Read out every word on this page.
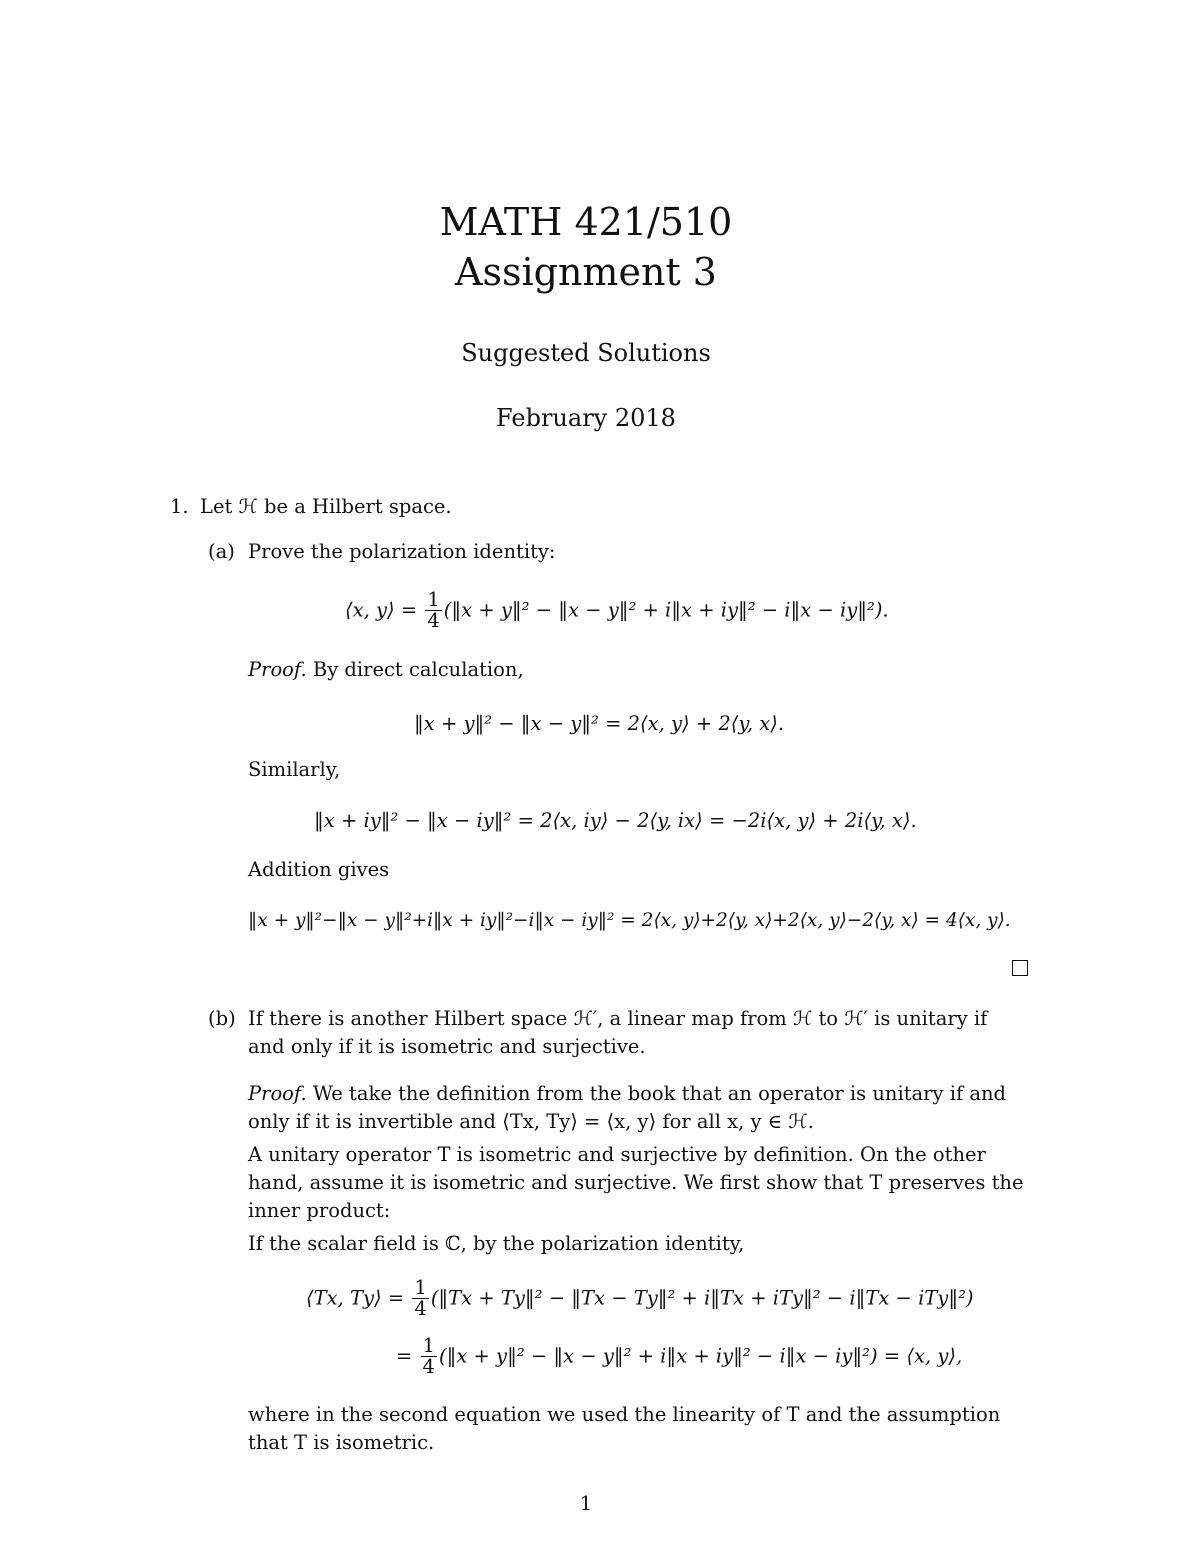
MATH 421/510
Assignment 3
Suggested Solutions
February 2018
1. Let ℋ be a Hilbert space.
(a) Prove the polarization identity:
⟨x, y⟩ = $\frac{1}{4}$ (‖x + y‖² − ‖x − y‖² + i‖x + iy‖² − i‖x − iy‖²).
Proof. By direct calculation,
‖x + y‖² − ‖x − y‖² = 2⟨x, y⟩ + 2⟨y, x⟩.
Similarly,
‖x + iy‖² − ‖x − iy‖² = 2⟨x, iy⟩ − 2⟨y, ix⟩ = −2i⟨x, y⟩ + 2i⟨y, x⟩.
Addition gives
‖x + y‖²−‖x − y‖²+i‖x + iy‖²−i‖x − iy‖² = 2⟨x, y⟩+2⟨y, x⟩+2⟨x, y⟩−2⟨y, x⟩ = 4⟨x, y⟩.
(b) If there is another Hilbert space ℋ′, a linear map from ℋ to ℋ′ is unitary if
and only if it is isometric and surjective.
Proof. We take the definition from the book that an operator is unitary if and
only if it is invertible and ⟨Tx, Ty⟩ = ⟨x, y⟩ for all x, y ∈ ℋ.
A unitary operator T is isometric and surjective by definition. On the other
hand, assume it is isometric and surjective. We first show that T preserves the
inner product:
If the scalar field is ℂ, by the polarization identity,
⟨Tx, Ty⟩ = $\frac{1}{4}$ (‖Tx + Ty‖² − ‖Tx − Ty‖² + i‖Tx + iTy‖² − i‖Tx − iTy‖²)
= $\frac{1}{4}$ (‖x + y‖² − ‖x − y‖² + i‖x + iy‖² − i‖x − iy‖²) = ⟨x, y⟩,
where in the second equation we used the linearity of T and the assumption
that T is isometric.
1
